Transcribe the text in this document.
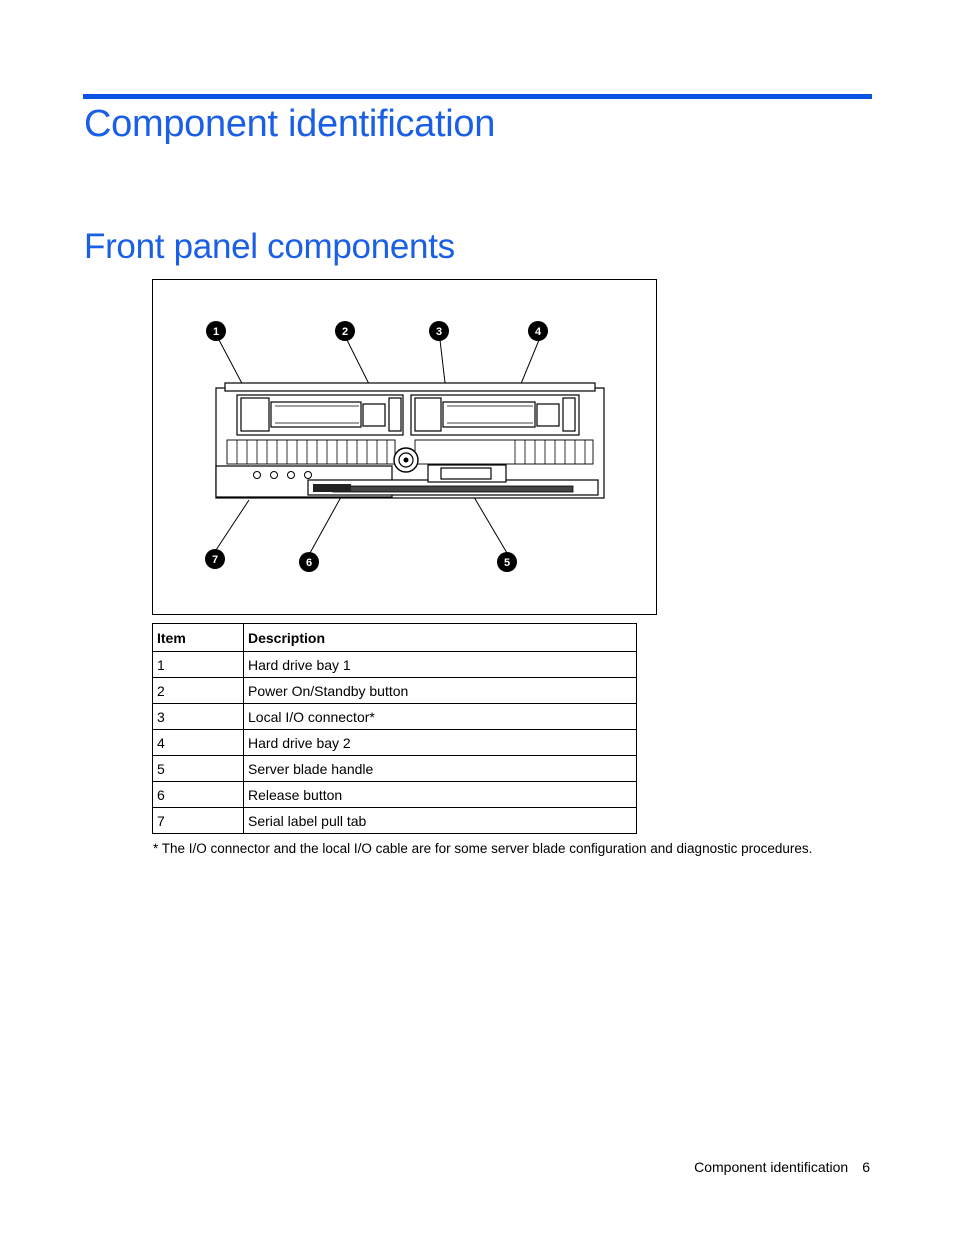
Component identification
Front panel components
1	2	3	4
5
6
7
Item	Description
1	Hard drive bay 1
2	Power On/Standby button
3	Local I/O connector*
4	Hard drive bay 2
5	Server blade handle
6	Release button
7	Serial label pull tab

* The I/O connector and the local I/O cable are for some server blade configuration and diagnostic procedures.

Component identification 6
